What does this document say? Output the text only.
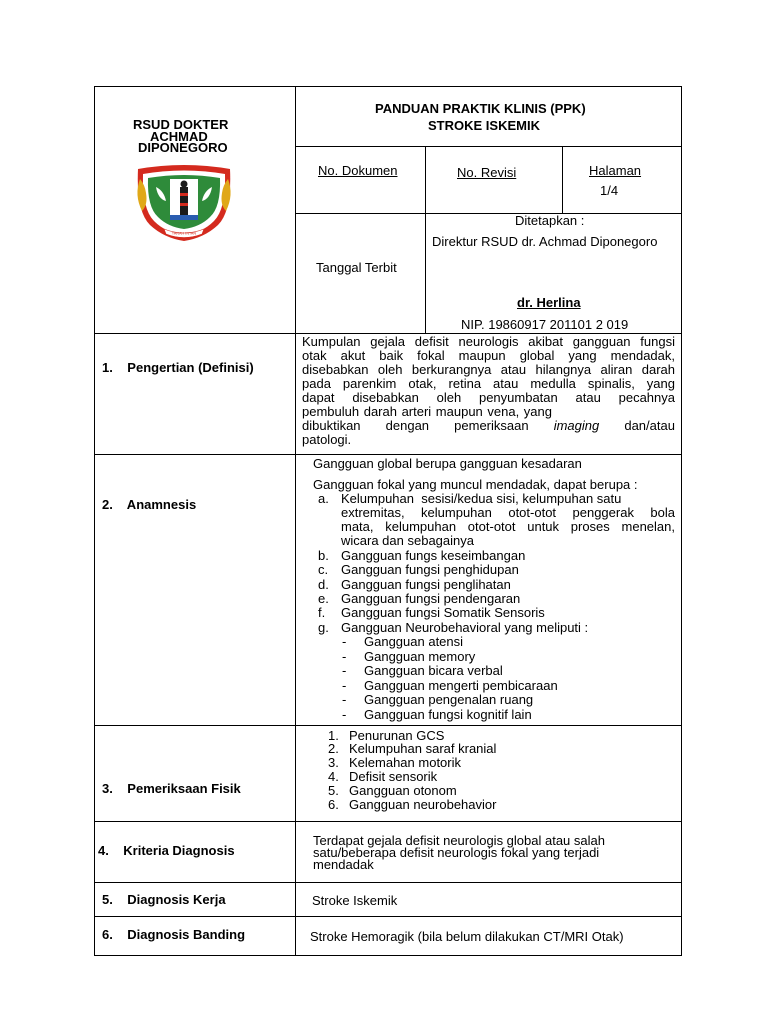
RSUD DOKTER
ACHMAD
DIPONEGORO
TANAH INTAN
PANDUAN PRAKTIK KLINIS (PPK)
STROKE ISKEMIK
No. Dokumen	No. Revisi	Halaman
1/4
Tanggal Terbit
Ditetapkan :
Direktur RSUD dr. Achmad Diponegoro
dr. Herlina
NIP. 19860917 201101 2 019
1.    Pengertian (Definisi)
Kumpulan gejala defisit neurologis akibat gangguan fungsi
otak akut baik fokal maupun global yang mendadak,
disebabkan oleh berkurangnya atau hilangnya aliran darah
pada parenkim otak, retina atau medulla spinalis, yang
dapat disebabkan oleh penyumbatan atau pecahnya
pembuluh darah arteri maupun vena, yang
dibuktikan dengan pemeriksaan imaging dan/atau
patologi.
2.    Anamnesis
Gangguan global berupa gangguan kesadaran
Gangguan fokal yang muncul mendadak, dapat berupa :
a. Kelumpuhan  sesisi/kedua sisi, kelumpuhan satu
extremitas, kelumpuhan otot-otot penggerak bola
mata, kelumpuhan otot-otot untuk proses menelan,
wicara dan sebagainya
b. Gangguan fungs keseimbangan
c. Gangguan fungsi penghidupan
d. Gangguan fungsi penglihatan
e. Gangguan fungsi pendengaran
f. Gangguan fungsi Somatik Sensoris
g. Gangguan Neurobehavioral yang meliputi :
- Gangguan atensi
- Gangguan memory
- Gangguan bicara verbal
- Gangguan mengerti pembicaraan
- Gangguan pengenalan ruang
- Gangguan fungsi kognitif lain
3.    Pemeriksaan Fisik
1. Penurunan GCS
2. Kelumpuhan saraf kranial
3. Kelemahan motorik
4. Defisit sensorik
5. Gangguan otonom
6. Gangguan neurobehavior
4.    Kriteria Diagnosis
Terdapat gejala defisit neurologis global atau salah
satu/beberapa defisit neurologis fokal yang terjadi
mendadak
5.    Diagnosis Kerja	Stroke Iskemik
6.    Diagnosis Banding	Stroke Hemoragik (bila belum dilakukan CT/MRI Otak)
